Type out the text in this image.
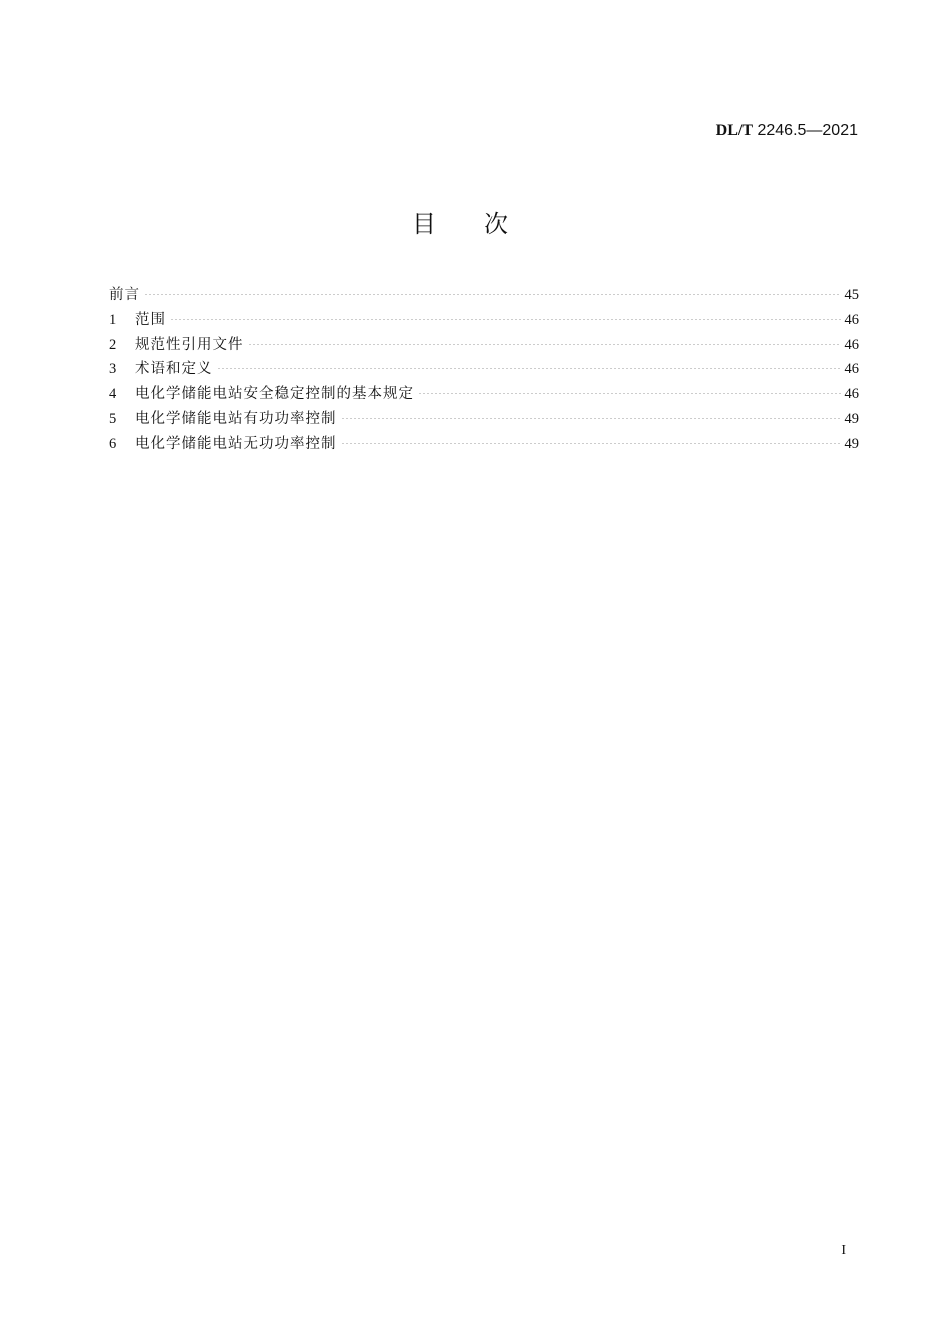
DL/T 2246.5—2021
目次
前言	45
1	范围	46
2	规范性引用文件	46
3	术语和定义	46
4	电化学储能电站安全稳定控制的基本规定	46
5	电化学储能电站有功功率控制	49
6	电化学储能电站无功功率控制	49
I
